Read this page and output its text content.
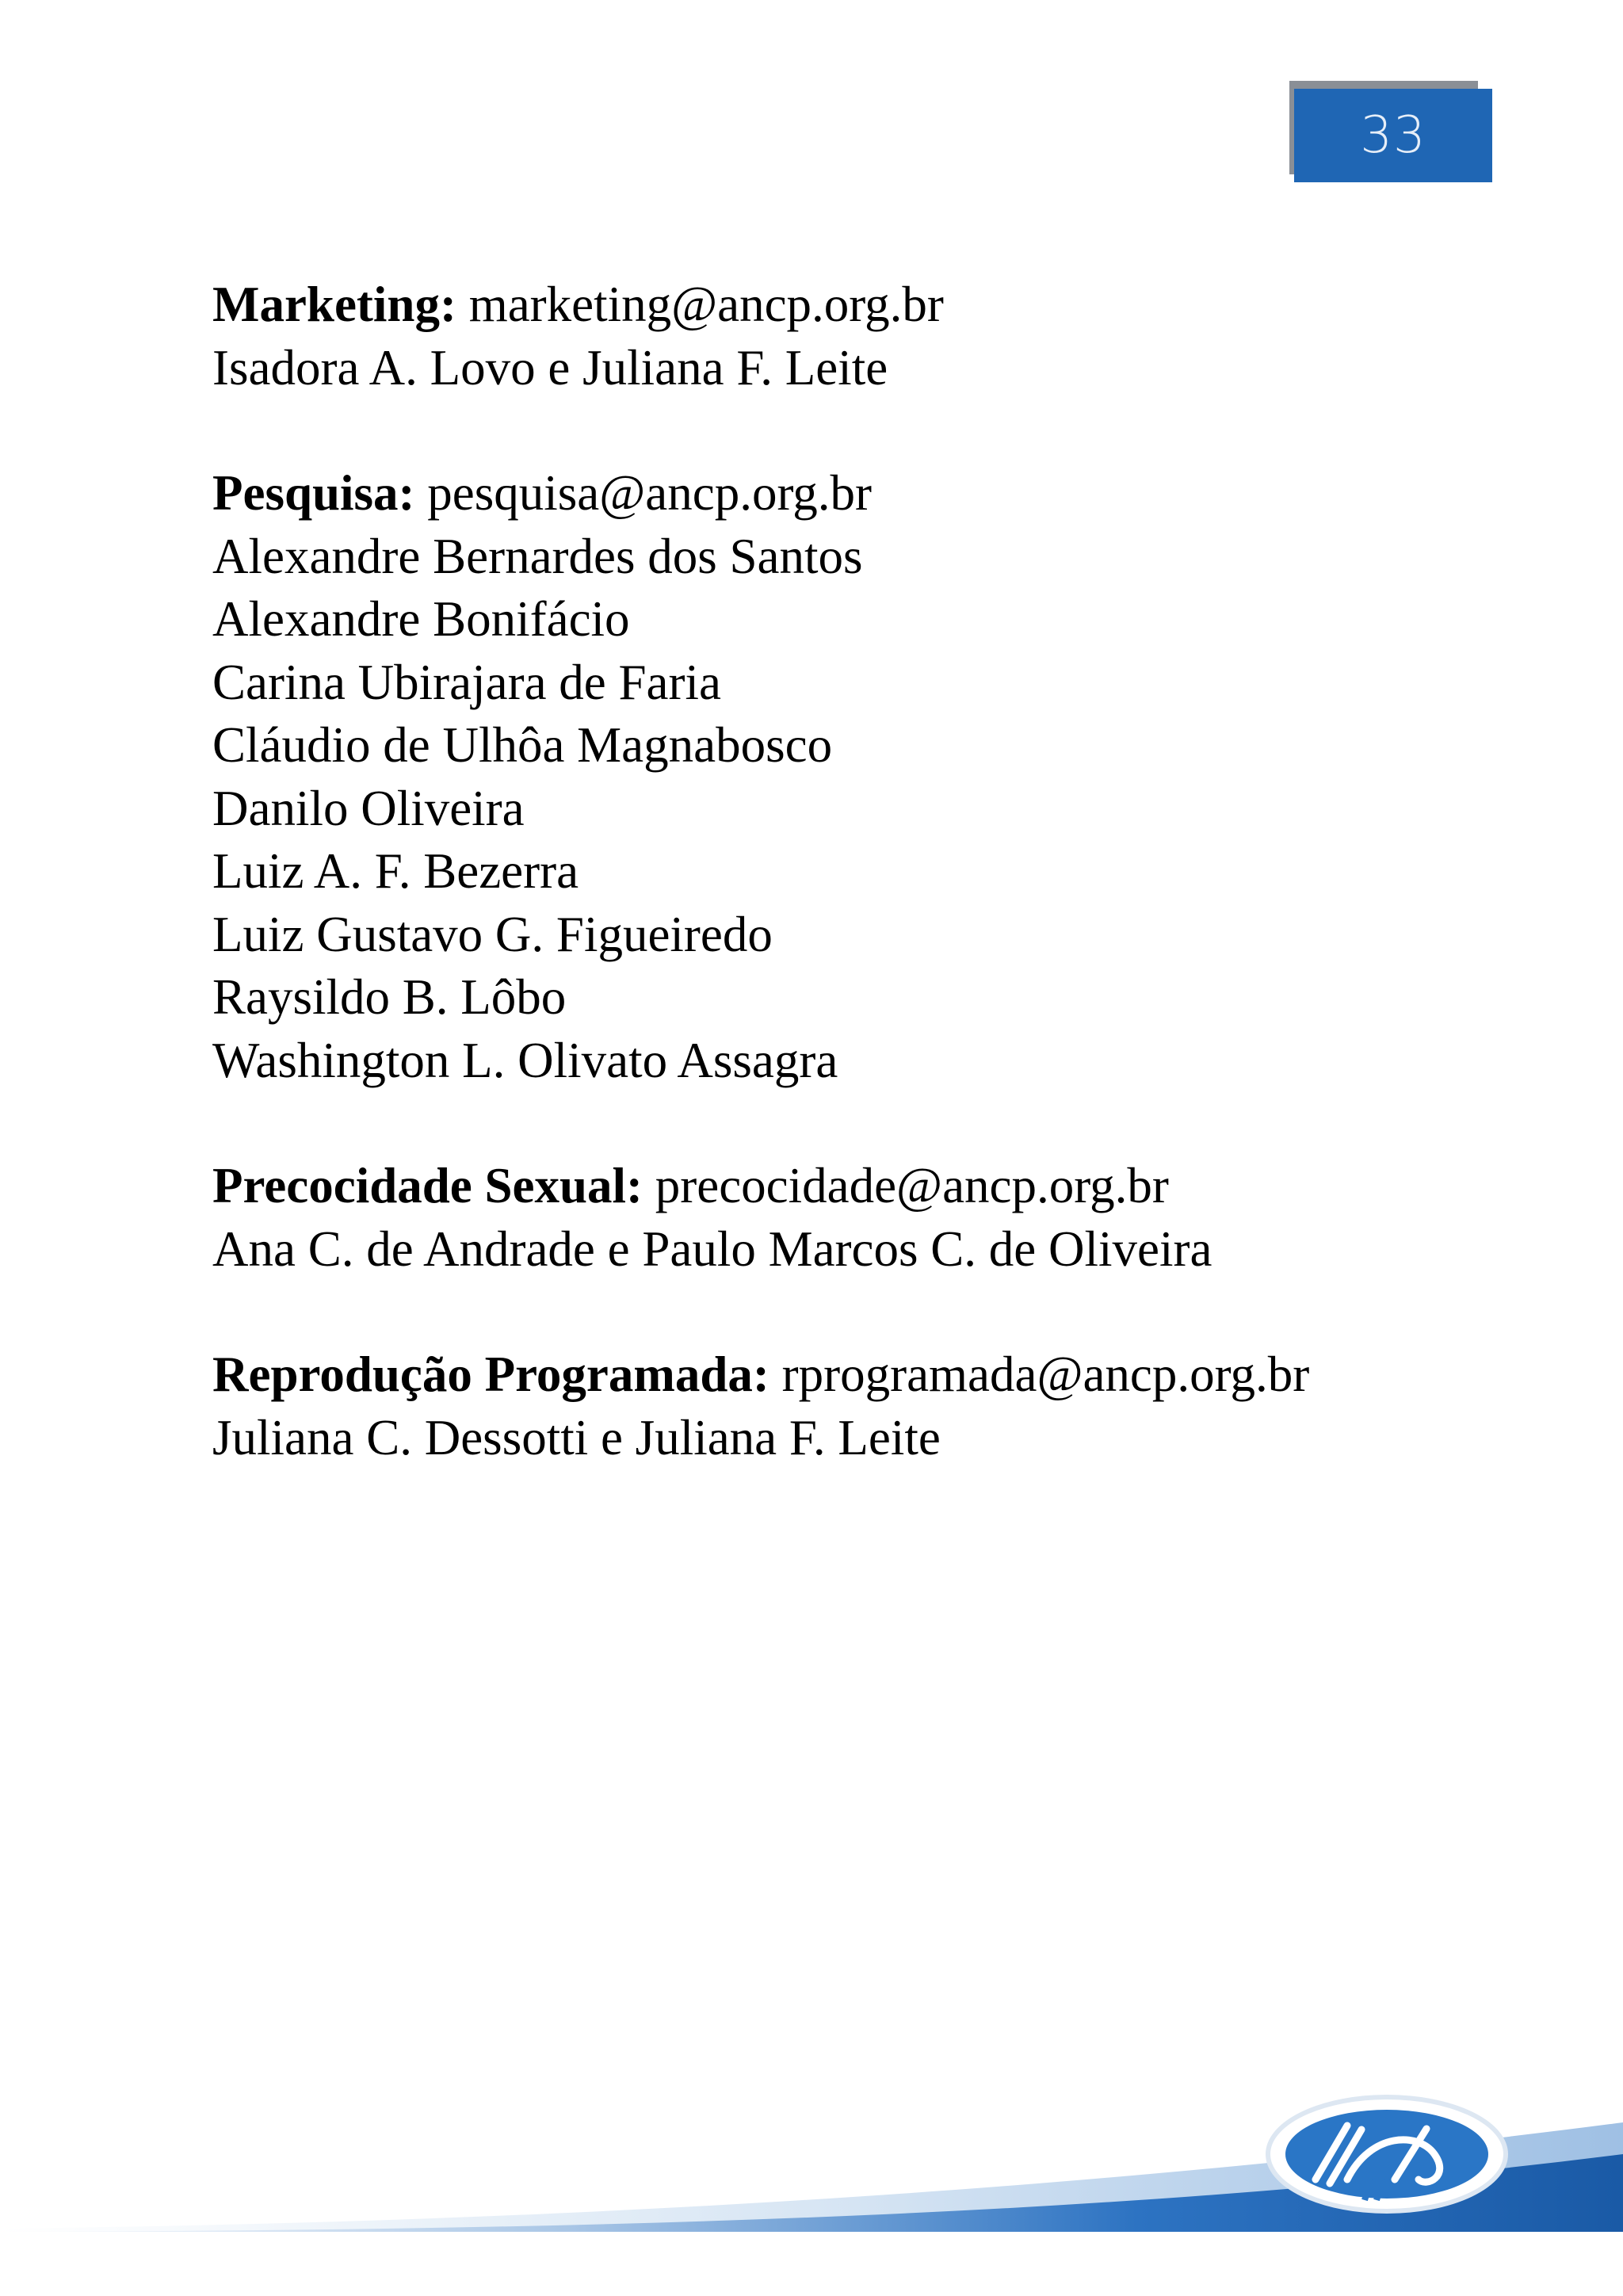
33
Marketing: marketing@ancp.org.br
Isadora A. Lovo e Juliana F. Leite
Pesquisa: pesquisa@ancp.org.br
Alexandre Bernardes dos Santos
Alexandre Bonifácio
Carina Ubirajara de Faria
Cláudio de Ulhôa Magnabosco
Danilo Oliveira
Luiz A. F. Bezerra
Luiz Gustavo G. Figueiredo
Raysildo B. Lôbo
Washington L. Olivato Assagra
Precocidade Sexual: precocidade@ancp.org.br
Ana C. de Andrade e Paulo Marcos C. de Oliveira
Reprodução Programada: rprogramada@ancp.org.br
Juliana C. Dessotti e Juliana F. Leite
